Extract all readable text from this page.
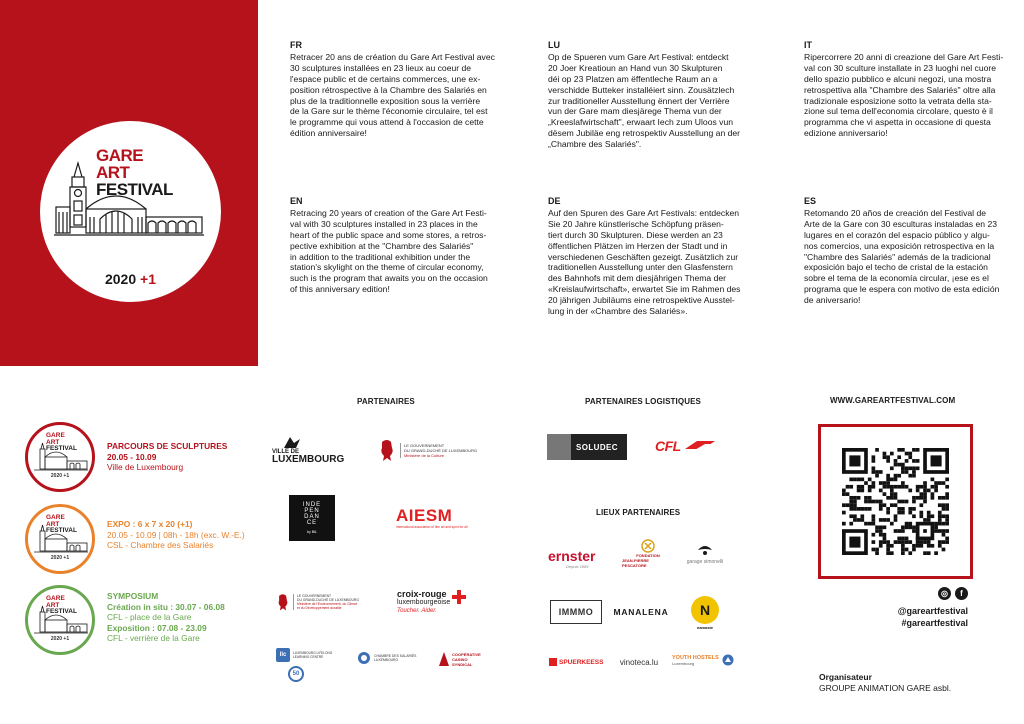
GARE
ART
FESTIVAL
2020 +1
FR
Retracer 20 ans de création du Gare Art Festival avec
30 sculptures installées en 23 lieux au coeur de
l'espace public et de certains commerces, une ex-
position rétrospective à la Chambre des Salariés en
plus de la traditionnelle exposition sous la verrière
de la Gare sur le thème l'économie circulaire, tel est
le programme qui vous attend à l'occasion de cette
édition anniversaire!
LU
Op de Spueren vum Gare Art Festival: entdeckt
20 Joer Kreatioun an Hand vun 30 Skulpturen
déi op 23 Platzen am ëffentleche Raum an a
verschidde Butteker installéiert sinn. Zousätzlech
zur traditioneller Ausstellung ënnert der Verrière
vun der Gare mam diesjärege Thema vun der
„Kreeslafwirtschaft", erwaart Iech zum Uloos vun
dësem Jubiläe eng retrospektiv Ausstellung an der
„Chambre des Salariés".
IT
Ripercorrere 20 anni di creazione del Gare Art Festi-
val con 30 sculture installate in 23 luoghi nel cuore
dello spazio pubblico e alcuni negozi, una mostra
retrospettiva alla "Chambre des Salariés" oltre alla
tradizionale esposizione sotto la vetrata della sta-
zione sul tema dell'economia circolare, questo è il
programma che vi aspetta in occasione di questa
edizione anniversario!
EN
Retracing 20 years of creation of the Gare Art Festi-
val with 30 sculptures installed in 23 places in the
heart of the public space and some stores, a retros-
pective exhibition at the "Chambre des Salariés"
in addition to the traditional exhibition under the
station's skylight on the theme of circular economy,
such is the program that awaits you on the occasion
of this anniversary edition!
DE
Auf den Spuren des Gare Art Festivals: entdecken
Sie 20 Jahre künstlerische Schöpfung präsen-
tiert durch 30 Skulpturen. Diese werden an 23
öffentlichen Plätzen im Herzen der Stadt und in
verschiedenen Geschäften gezeigt. Zusätzlich zur
traditionellen Ausstellung unter den Glasfenstern
des Bahnhofs mit dem diesjährigen Thema der
«Kreislaufwirtschaft», erwartet Sie im Rahmen des
20 jährigen Jubiläums eine retrospektive Ausstel-
lung in der «Chambre des Salariés».
ES
Retomando 20 años de creación del Festival de
Arte de la Gare con 30 esculturas instaladas en 23
lugares en el corazón del espacio público y algu-
nos comercios, una exposición retrospectiva en la
"Chambre des Salariés" además de la tradicional
exposición bajo el techo de cristal de la estación
sobre el tema de la economía circular, ¡ese es el
programa que le espera con motivo de esta edición
de aniversario!
GARE
ART
FESTIVAL
2020 +1
PARCOURS DE SCULPTURES
20.05 - 10.09
Ville de Luxembourg
GARE
ART
FESTIVAL
2020 +1
EXPO : 6 x 7 x 20 (+1)
20.05 - 10.09 | 08h - 18h (exc. W.-E.)
CSL - Chambre des Salariés
GARE
ART
FESTIVAL
2020 +1
SYMPOSIUM
Création in situ : 30.07 - 06.08
CFL - place de la Gare
Exposition : 07.08 - 23.09
CFL - verrière de la Gare
PARTENAIRES
VILLE DE
LUXEMBOURG
LE GOUVERNEMENT
DU GRAND-DUCHÉ DE LUXEMBOURG
Ministère de la Culture
INDE
PEN
DAN
CE
by BIL
AIESM
International association of fine art and sport for all
LE GOUVERNEMENT
DU GRAND-DUCHÉ DE LUXEMBOURG
Ministère de l'Environnement, du Climat
et du Développement durable
croix-rouge
luxembourgeoise
Toucher. Aider.
llc	LUXEMBOURG LIFELONG
LEARNING CENTRE
50
CHAMBRE DES SALARIÉS
LUXEMBOURG
COOPÉRATIVE
CASINO
SYNDICAL
PARTENAIRES LOGISTIQUES
SOLUDEC	CFL
LIEUX PARTENAIRES
ernster
Depuis 1889
FONDATION
JEAN-PIERRE PESCATORE
garage simonelli
IMMMO MANALENA	N
namaste
SPUERKEESS vinoteca.lu	YOUTH HOSTELS
Luxembourg
WWW.GAREARTFESTIVAL.COM
◎	f
@gareartfestival
#gareartfestival
Organisateur
GROUPE ANIMATION GARE asbl.
